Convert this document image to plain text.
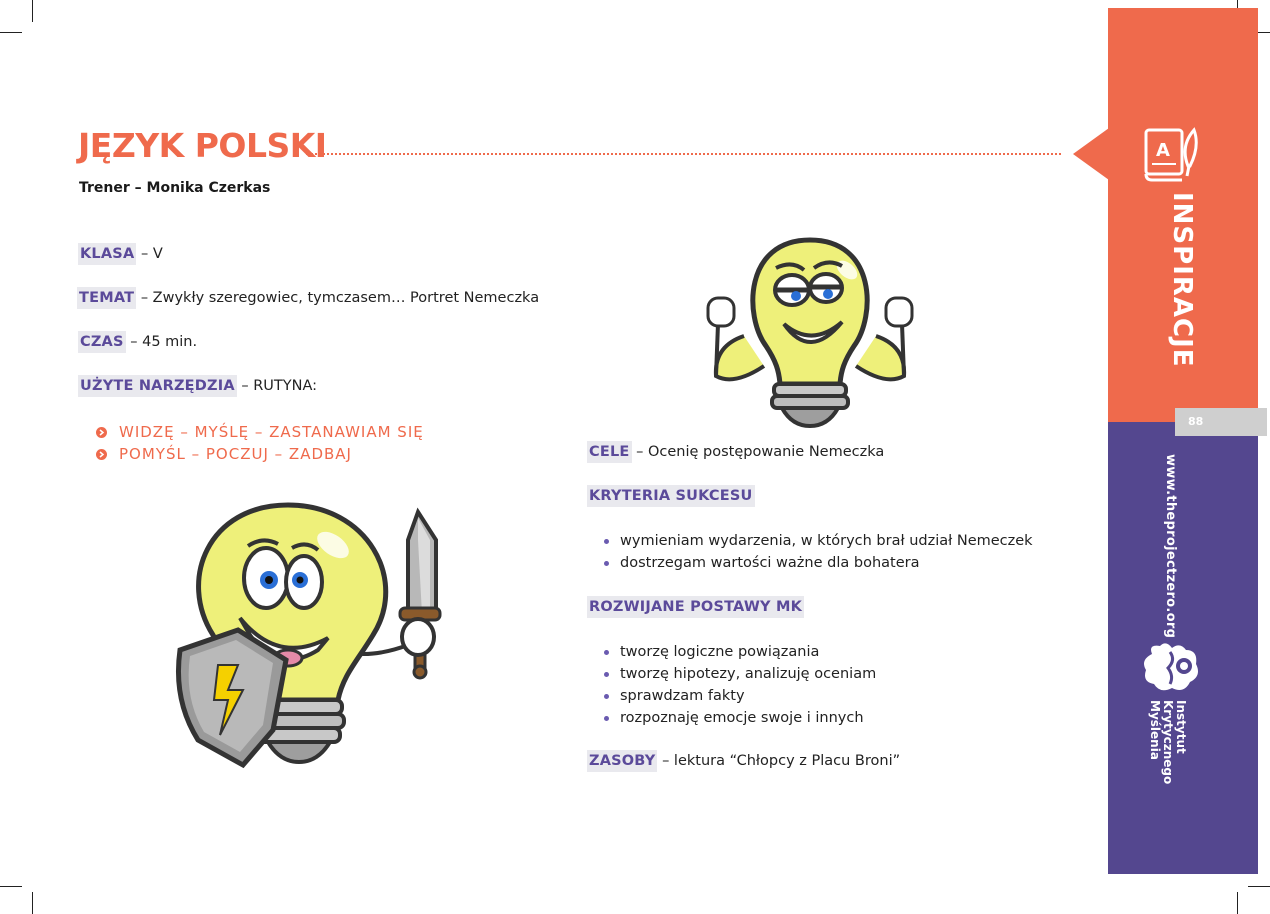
JĘZYK POLSKI
Trener – Monika Czerkas
KLASA – V
TEMAT – Zwykły szeregowiec, tymczasem… Portret Nemeczka
CZAS – 45 min.
UŻYTE NARZĘDZIA – RUTYNA:
WIDZĘ – MYŚLĘ – ZASTANAWIAM SIĘ
POMYŚL – POCZUJ – ZADBAJ	CELE – Ocenię postępowanie Nemeczka
KRYTERIA SUKCESU
wymieniam wydarzenia, w których brał udział Nemeczek
dostrzegam wartości ważne dla bohatera
ROZWIJANE POSTAWY MK
tworzę logiczne powiązania
tworzę hipotezy, analizuję oceniam
sprawdzam fakty
rozpoznaję emocje swoje i innych
ZASOBY – lektura “Chłopcy z Placu Broni”
A
INSPIRACJE
88
www.theprojectzero.org
Instytut
Krytycznego
Myślenia
